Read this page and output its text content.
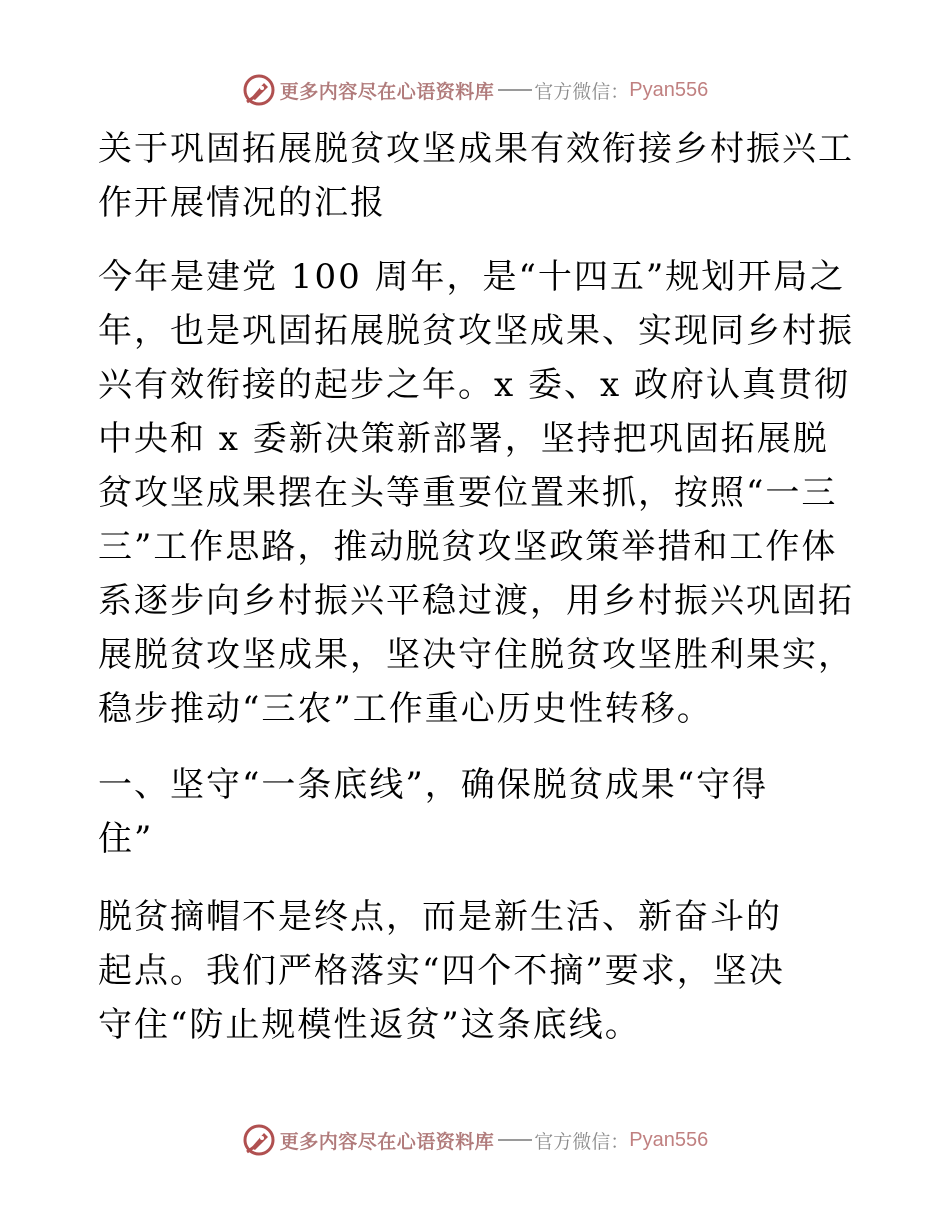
更多内容尽在心语资料库 官方微信： Pyan556

关于巩固拓展脱贫攻坚成果有效衔接乡村振兴工作开展情况的汇报

今年是建党 100 周年，是“十四五”规划开局之年，也是巩固拓展脱贫攻坚成果、实现同乡村振兴有效衔接的起步之年。x 委、x 政府认真贯彻中央和 x 委新决策新部署，坚持把巩固拓展脱贫攻坚成果摆在头等重要位置来抓，按照“一三三”工作思路，推动脱贫攻坚政策举措和工作体系逐步向乡村振兴平稳过渡，用乡村振兴巩固拓展脱贫攻坚成果，坚决守住脱贫攻坚胜利果实，稳步推动“三农”工作重心历史性转移。

一、坚守“一条底线”，确保脱贫成果“守得住”

脱贫摘帽不是终点，而是新生活、新奋斗的起点。我们严格落实“四个不摘”要求，坚决守住“防止规模性返贫”这条底线。

更多内容尽在心语资料库 官方微信： Pyan556
